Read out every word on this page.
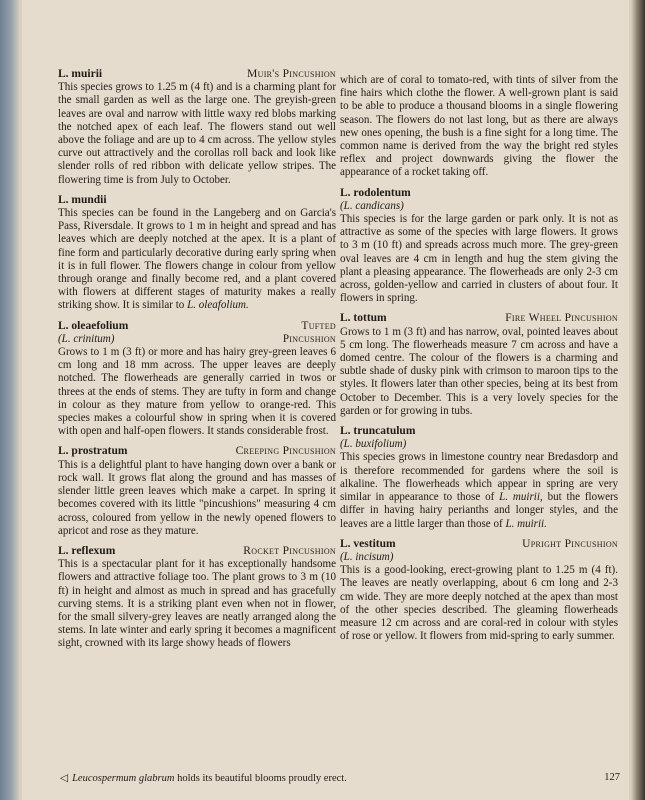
L. muirii	Muir's Pincushion

This species grows to 1.25 m (4 ft) and is a charming plant for the small garden as well as the large one. The greyish-green leaves are oval and narrow with little waxy red blobs marking the notched apex of each leaf. The flowers stand out well above the foliage and are up to 4 cm across. The yellow styles curve out attractively and the corollas roll back and look like slender rolls of red ribbon with delicate yellow stripes. The flowering time is from July to October.

L. mundii

This species can be found in the Langeberg and on Garcia's Pass, Riversdale. It grows to 1 m in height and spread and has leaves which are deeply notched at the apex. It is a plant of fine form and particularly decorative during early spring when it is in full flower. The flowers change in colour from yellow through orange and finally become red, and a plant covered with flowers at different stages of maturity makes a really striking show. It is similar to L. oleafolium.

L. oleaefolium	Tufted
(L. crinitum)	Pincushion

Grows to 1 m (3 ft) or more and has hairy grey-green leaves 6 cm long and 18 mm across. The upper leaves are deeply notched. The flowerheads are generally carried in twos or threes at the ends of stems. They are tufty in form and change in colour as they mature from yellow to orange-red. This species makes a colourful show in spring when it is covered with open and half-open flowers. It stands considerable frost.

L. prostratum	Creeping Pincushion

This is a delightful plant to have hanging down over a bank or rock wall. It grows flat along the ground and has masses of slender little green leaves which make a carpet. In spring it becomes covered with its little "pincushions" measuring 4 cm across, coloured from yellow in the newly opened flowers to apricot and rose as they mature.

L. reflexum	Rocket Pincushion

This is a spectacular plant for it has exceptionally handsome flowers and attractive foliage too. The plant grows to 3 m (10 ft) in height and almost as much in spread and has gracefully curving stems. It is a striking plant even when not in flower, for the small silvery-grey leaves are neatly arranged along the stems. In late winter and early spring it becomes a magnificent sight, crowned with its large showy heads of flowers

which are of coral to tomato-red, with tints of silver from the fine hairs which clothe the flower. A well-grown plant is said to be able to produce a thousand blooms in a single flowering season. The flowers do not last long, but as there are always new ones opening, the bush is a fine sight for a long time. The common name is derived from the way the bright red styles reflex and project downwards giving the flower the appearance of a rocket taking off.

L. rodolentum
(L. candicans)

This species is for the large garden or park only. It is not as attractive as some of the species with large flowers. It grows to 3 m (10 ft) and spreads across much more. The grey-green oval leaves are 4 cm in length and hug the stem giving the plant a pleasing appearance. The flowerheads are only 2-3 cm across, golden-yellow and carried in clusters of about four. It flowers in spring.

L. tottum	Fire Wheel Pincushion

Grows to 1 m (3 ft) and has narrow, oval, pointed leaves about 5 cm long. The flowerheads measure 7 cm across and have a domed centre. The colour of the flowers is a charming and subtle shade of dusky pink with crimson to maroon tips to the styles. It flowers later than other species, being at its best from October to December. This is a very lovely species for the garden or for growing in tubs.

L. truncatulum
(L. buxifolium)

This species grows in limestone country near Bredasdorp and is therefore recommended for gardens where the soil is alkaline. The flowerheads which appear in spring are very similar in appearance to those of L. muirii, but the flowers differ in having hairy perianths and longer styles, and the leaves are a little larger than those of L. muirii.

L. vestitum	Upright Pincushion
(L. incisum)

This is a good-looking, erect-growing plant to 1.25 m (4 ft). The leaves are neatly overlapping, about 6 cm long and 2-3 cm wide. They are more deeply notched at the apex than most of the other species described. The gleaming flowerheads measure 12 cm across and are coral-red in colour with styles of rose or yellow. It flowers from mid-spring to early summer.

◁ Leucospermum glabrum holds its beautiful blooms proudly erect.	127
